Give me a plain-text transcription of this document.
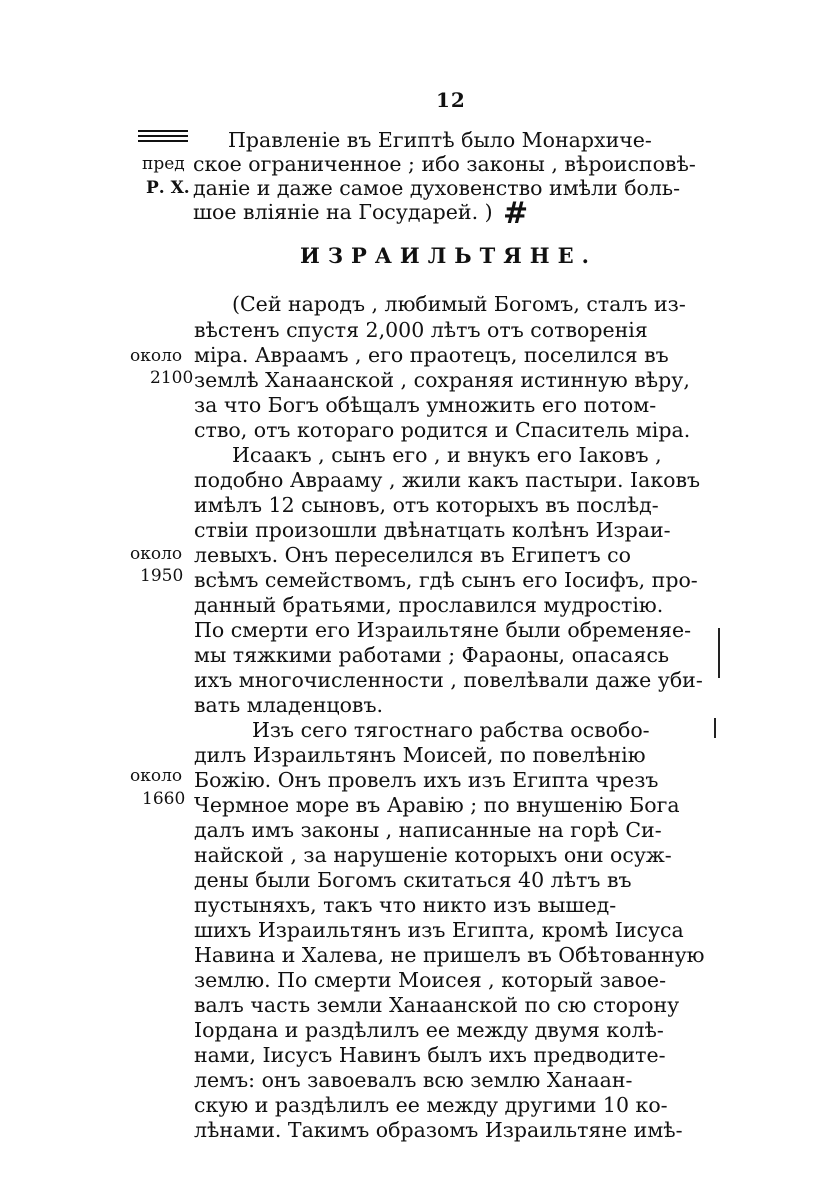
12
пред
Р. Х.
Правленіе въ Египтѣ было Монархиче-
ское ограниченное ; ибо законы , вѣроисповѣ-
даніе и даже самое духовенство имѣли боль-
шое вліяніе на Государей. ) #
ИЗРАИЛЬТЯНЕ.
около
2100
около
1950
около
1660
(Сей народъ , любимый Богомъ, сталъ из-
вѣстенъ спустя 2,000 лѣтъ отъ сотворенія
міра. Авраамъ , его праотецъ, поселился въ
землѣ Ханаанской , сохраняя истинную вѣру,
за что Богъ обѣщалъ умножить его потом-
ство, отъ котораго родится и Спаситель міра.
Исаакъ , сынъ его , и внукъ его Іаковъ ,
подобно Аврааму , жили какъ пастыри. Іаковъ
имѣлъ 12 сыновъ, отъ которыхъ въ послѣд-
ствіи произошли двѣнатцать колѣнъ Израи-
левыхъ. Онъ переселился въ Египетъ со
всѣмъ семействомъ, гдѣ сынъ его Іосифъ, про-
данный братьями, прославился мудростію.
По смерти его Израильтяне были обременяе-
мы тяжкими работами ; Фараоны, опасаясь
ихъ многочисленности , повелѣвали даже уби-
вать младенцовъ.
Изъ сего тягостнаго рабства освобо-
дилъ Израильтянъ Моисей, по повелѣнію
Божію. Онъ провелъ ихъ изъ Египта чрезъ
Чермное море въ Аравію ; по внушенію Бога
далъ имъ законы , написанные на горѣ Си-
найской , за нарушеніе которыхъ они осуж-
дены были Богомъ скитаться 40 лѣтъ въ
пустыняхъ, такъ что никто изъ вышед-
шихъ Израильтянъ изъ Египта, кромѣ Іисуса
Навина и Халева, не пришелъ въ Обѣтованную
землю. По смерти Моисея , который завое-
валъ часть земли Ханаанской по сю сторону
Іордана и раздѣлилъ ее между двумя колѣ-
нами, Іисусъ Навинъ былъ ихъ предводите-
лемъ: онъ завоевалъ всю землю Ханаан-
скую и раздѣлилъ ее между другими 10 ко-
лѣнами. Такимъ образомъ Израильтяне имѣ-
